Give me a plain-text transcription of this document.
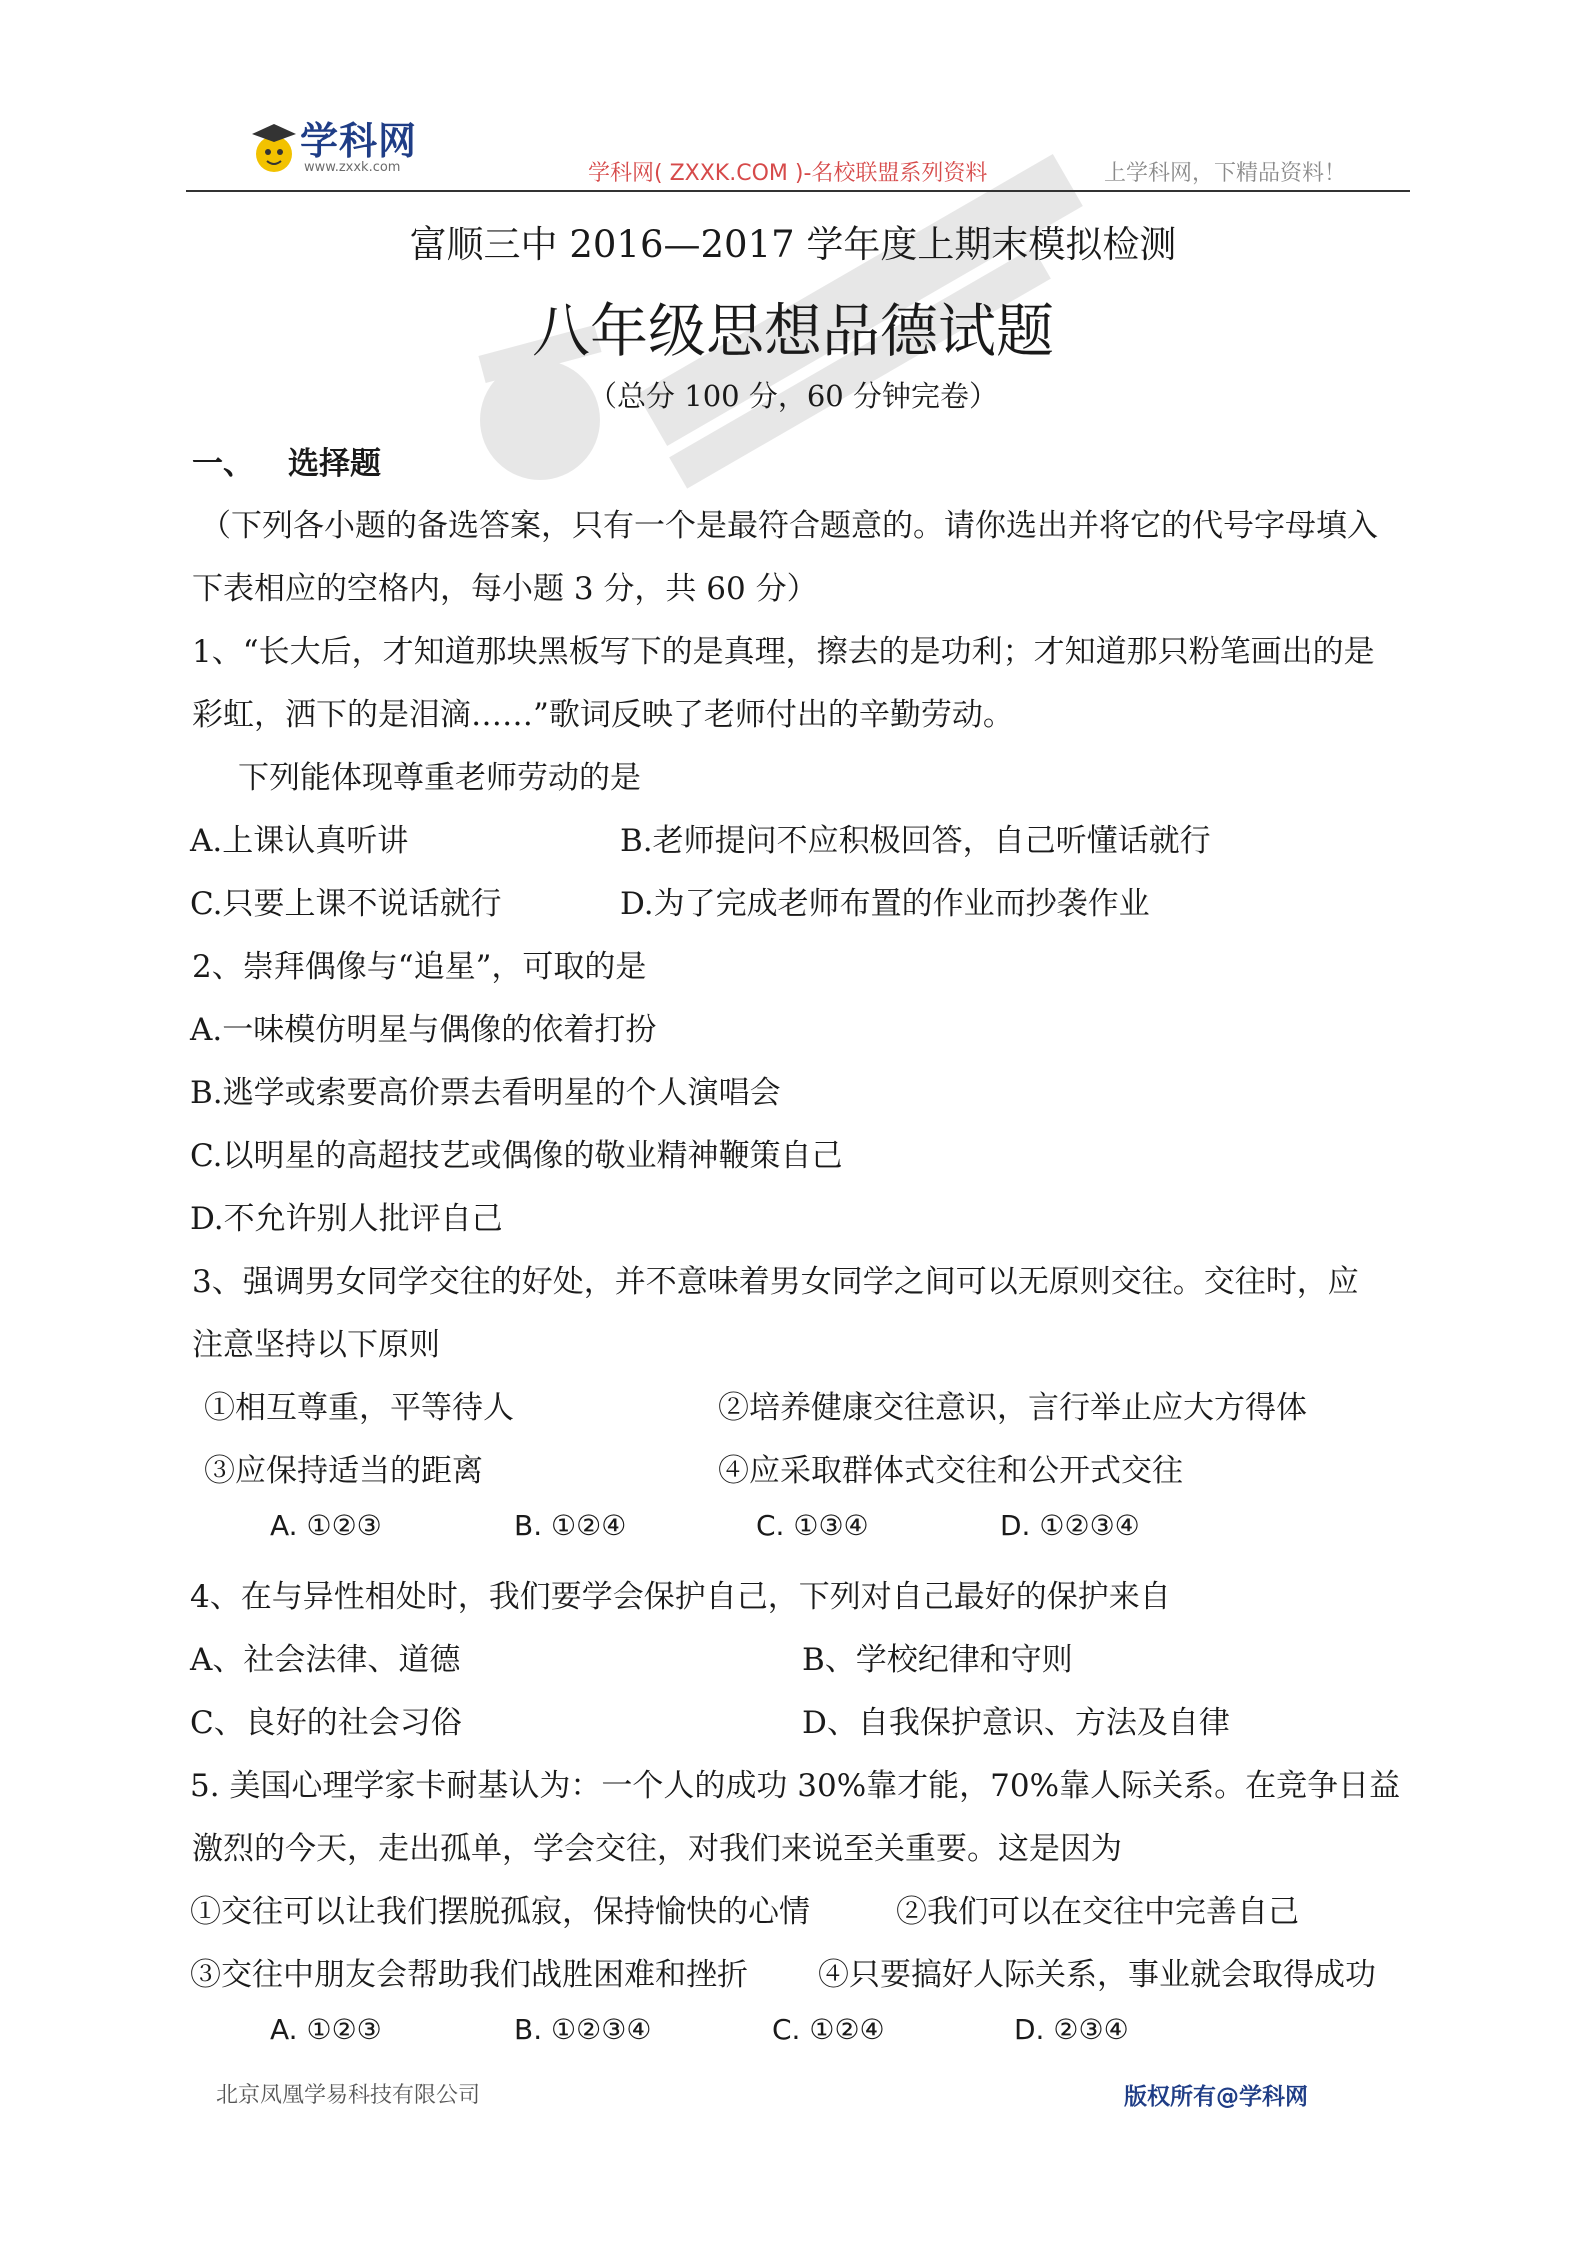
学科网
www.zxxk.com	学科网( ZXXK.COM )-名校联盟系列资料	上学科网，下精品资料！
富顺三中 2016—2017 学年度上期末模拟检测
八年级思想品德试题
（总分 100 分，60 分钟完卷）
一、 选择题
（下列各小题的备选答案，只有一个是最符合题意的。请你选出并将它的代号字母填入
下表相应的空格内，每小题 3 分，共 60 分）
1、“长大后，才知道那块黑板写下的是真理，擦去的是功利；才知道那只粉笔画出的是
彩虹，洒下的是泪滴……”歌词反映了老师付出的辛勤劳动。
下列能体现尊重老师劳动的是
A.上课认真听讲	B.老师提问不应积极回答，自己听懂话就行
C.只要上课不说话就行	D.为了完成老师布置的作业而抄袭作业
2、崇拜偶像与“追星”，可取的是
A.一味模仿明星与偶像的依着打扮
B.逃学或索要高价票去看明星的个人演唱会
C.以明星的高超技艺或偶像的敬业精神鞭策自己
D.不允许别人批评自己
3、强调男女同学交往的好处，并不意味着男女同学之间可以无原则交往。交往时，应
注意坚持以下原则
①相互尊重，平等待人	②培养健康交往意识，言行举止应大方得体
③应保持适当的距离	④应采取群体式交往和公开式交往
A. ①②③	B. ①②④	C. ①③④	D. ①②③④
4、在与异性相处时，我们要学会保护自己，下列对自己最好的保护来自
A、社会法律、道德	B、学校纪律和守则
C、良好的社会习俗	D、自我保护意识、方法及自律
5. 美国心理学家卡耐基认为：一个人的成功 30%靠才能，70%靠人际关系。在竞争日益
激烈的今天，走出孤单，学会交往，对我们来说至关重要。这是因为
①交往可以让我们摆脱孤寂，保持愉快的心情	②我们可以在交往中完善自己
③交往中朋友会帮助我们战胜困难和挫折 ④只要搞好人际关系，事业就会取得成功
A. ①②③	B. ①②③④	C. ①②④	D. ②③④
北京凤凰学易科技有限公司	版权所有@学科网
